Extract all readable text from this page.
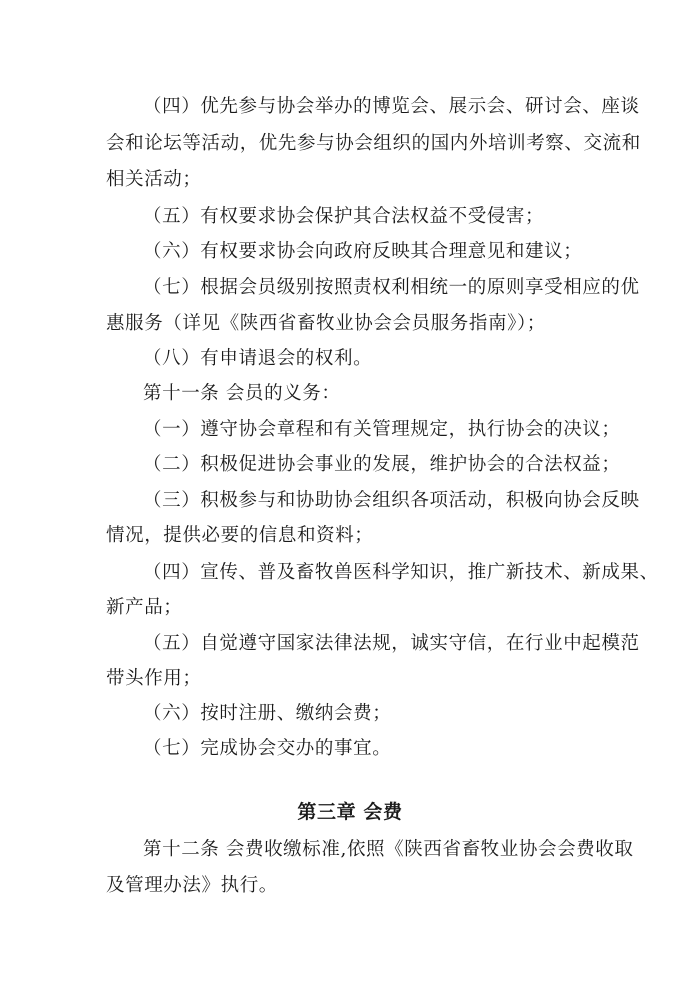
（四）优先参与协会举办的博览会、展示会、研讨会、座谈
会和论坛等活动，优先参与协会组织的国内外培训考察、交流和
相关活动；
（五）有权要求协会保护其合法权益不受侵害；
（六）有权要求协会向政府反映其合理意见和建议；
（七）根据会员级别按照责权利相统一的原则享受相应的优
惠服务（详见《陕西省畜牧业协会会员服务指南》）；
（八）有申请退会的权利。
第十一条 会员的义务：
（一）遵守协会章程和有关管理规定，执行协会的决议；
（二）积极促进协会事业的发展，维护协会的合法权益；
（三）积极参与和协助协会组织各项活动，积极向协会反映
情况，提供必要的信息和资料；
（四）宣传、普及畜牧兽医科学知识，推广新技术、新成果、
新产品；
（五）自觉遵守国家法律法规，诚实守信，在行业中起模范
带头作用；
（六）按时注册、缴纳会费；
（七）完成协会交办的事宜。
第三章 会费
第十二条 会费收缴标准,依照《陕西省畜牧业协会会费收取
及管理办法》执行。
